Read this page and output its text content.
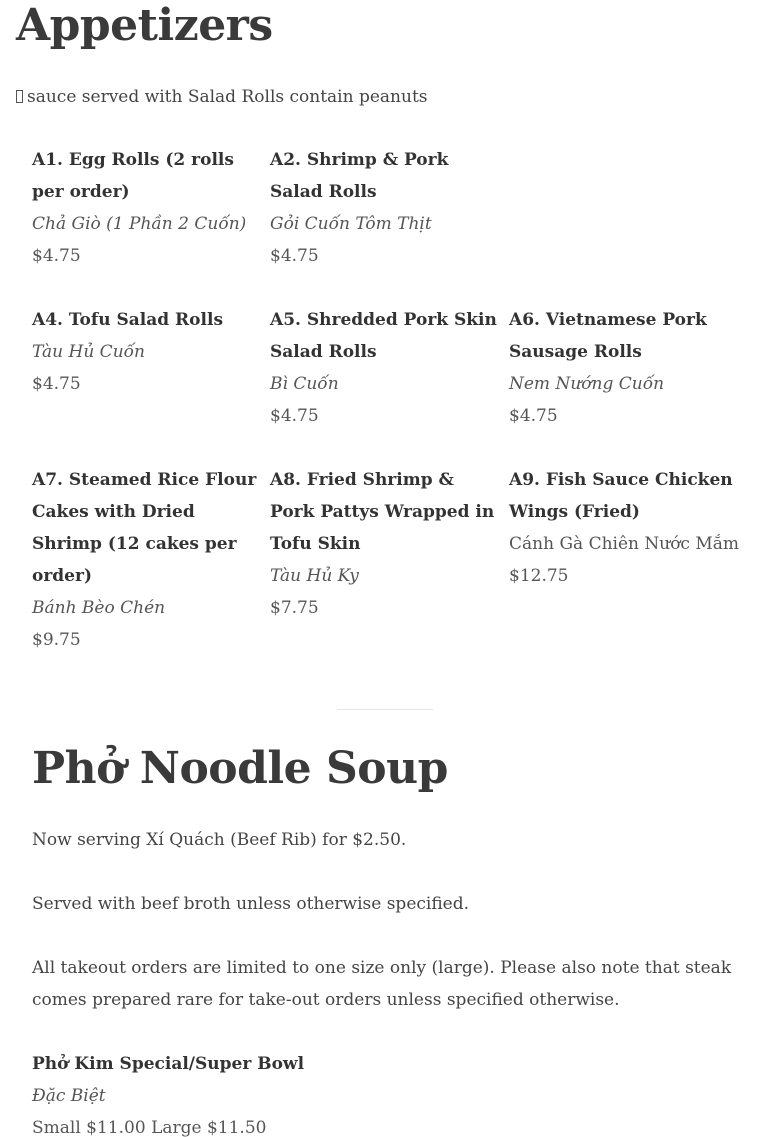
Appetizers
sauce served with Salad Rolls contain peanuts
A1. Egg Rolls (2 rolls per order)
Chả Giò (1 Phần 2 Cuốn)
$4.75
A2. Shrimp & Pork Salad Rolls
Gỏi Cuốn Tôm Thịt
$4.75
A4. Tofu Salad Rolls
Tàu Hủ Cuốn
$4.75
A5. Shredded Pork Skin Salad Rolls
Bì Cuốn
$4.75
A6. Vietnamese Pork Sausage Rolls
Nem Nướng Cuốn
$4.75
A7. Steamed Rice Flour Cakes with Dried Shrimp (12 cakes per order)
Bánh Bèo Chén
$9.75
A8. Fried Shrimp & Pork Pattys Wrapped in Tofu Skin
Tàu Hủ Ky
$7.75
A9. Fish Sauce Chicken Wings (Fried)
Cánh Gà Chiên Nước Mắm
$12.75
Phở Noodle Soup

Now serving Xí Quách (Beef Rib) for $2.50.

Served with beef broth unless otherwise specified.

All takeout orders are limited to one size only (large). Please also note that steak comes prepared rare for take-out orders unless specified otherwise.

Phở Kim Special/Super Bowl
Đặc Biệt
Small $11.00 Large $11.50
